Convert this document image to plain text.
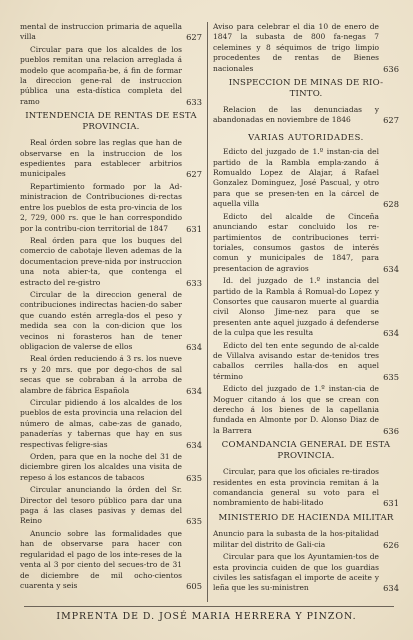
mental de instruccion primaria de aquella villa	627
Circular para que los alcaldes de los pueblos remitan una relacion arreglada á modelo que acompaña-be, á fin de formar la direccion gene-ral de instruccion pública una esta-dística completa del ramo	633
INTENDENCIA DE RENTAS DE ESTA PROVINCIA.
Real órden sobre las reglas que han de observarse en la instruccion de los espedientes para establecer arbitrios municipales	627
Repartimiento formado por la Ad-ministracion de Contribuciones di-rectas entre los pueblos de esta pro-vincia de los 2, 729, 000 rs. que le han correspondido por la contribu-cion territorial de 1847	631
Real órden para que los buques del comercio de cabotaje lleven ademas de la documentacion preve-nida por instruccion una nota abier-ta, que contenga el estracto del re-gistro	633
Circular de la direccion general de contribuciones indirectas hacien-do saber que cuando estén arregla-dos el peso y medida sea con la con-dicion que los vecinos ni forasteros han de tener obligacion de valerse de ellos	634
Real órden reduciendo á 3 rs. los nueve rs y 20 mrs. que por dego-chos de sal secas que se cobraban á la arroba de alambre de fábrica Española	634
Circular pidiendo á los alcaldes de los pueblos de esta provincia una relacion del número de almas, cabe-zas de ganado, panaderías y tabernas que hay en sus respectivas feligre-sias	634
Orden, para que en la noche del 31 de diciembre giren los alcaldes una visita de repeso á los estancos de tabacos	635
Circular anunciando la órden del Sr. Director del tesoro público para dar una paga á las clases pasivas y demas del Reino	635
Anuncio sobre las formalidades que han de observarse para hacer con regularidad el pago de los inte-reses de la venta al 3 por ciento del secues-tro de 31 de diciembre de mil ocho-cientos cuarenta y seis	605
Aviso para celebrar el dia 10 de enero de 1847 la subasta de 800 fa-negas 7 celemines y 8 séquimos de trigo limpio procedentes de rentas de Bienes nacionales	636
INSPECCION DE MINAS DE RIO-TINTO.
Relacion de las denunciadas y abandonadas en noviembre de 1846	627
VARIAS AUTORIDADES.
Edicto del juzgado de 1.º instan-cia del partido de la Rambla empla-zando á Romualdo Lopez de Alajar, á Rafael Gonzalez Dominguez, José Pascual, y otro para que se presen-ten en la cárcel de aquella villa	628
Edicto del alcalde de Cinceña anunciando estar concluido los re-partimientos de contribuciones terri-toriales, consumos gastos de interés comun y municipales de 1847, para presentacion de agravios	634
Id. del juzgado de 1.º instancia del partido de la Rambla á Romual-do Lopez y Consortes que causaron muerte al guardia civil Alonso Jime-nez para que se presenten ante aquel juzgado á defenderse de la culpa que les resulta	634
Edicto del ten ente segundo de al-calde de Villalva avisando estar de-tenidos tres caballos cerriles halla-dos en aquel término	635
Edicto del juzgado de 1.º instan-cia de Moguer citando á los que se crean con derecho á los bienes de la capellania fundada en Almonte por D. Alonso Diaz de la Barrera	636
COMANDANCIA GENERAL DE ESTA PROVINCIA.
Circular, para que los oficiales re-tirados residentes en esta provincia remitan á la comandancia general su voto para el nombramiento de habi-litado	631
MINISTERIO DE HACIENDA MILITAR
Anuncio para la subasta de la hos-pitalidad militar del distrito de Gali-cia	626
Circular para que los Ayuntamien-tos de esta provincia cuiden de que los guardias civiles les satisfagan el importe de aceite y leña que les su-ministren	634
IMPRENTA DE D. JOSÉ MARIA HERRERA Y PINZON.
